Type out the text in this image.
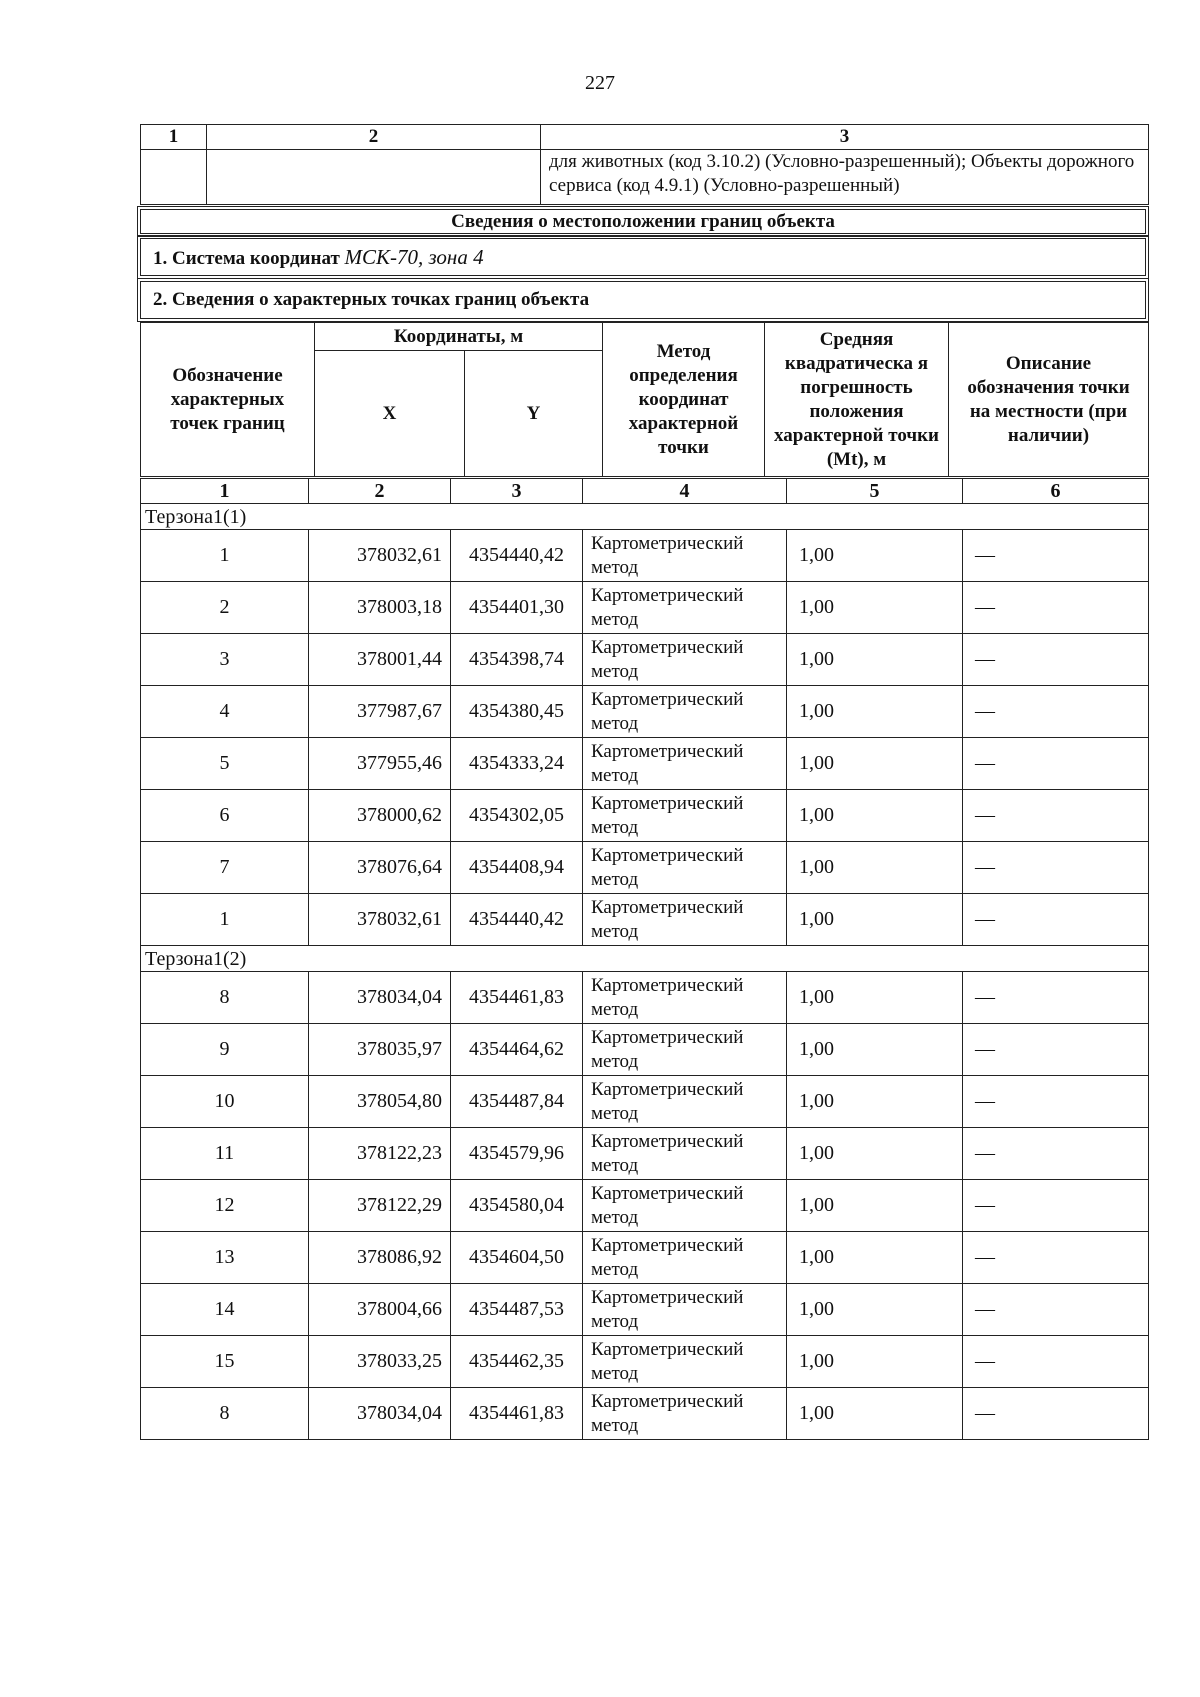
227
1	2	3
		для животных (код 3.10.2) (Условно-разрешенный); Объекты дорожного сервиса (код 4.9.1) (Условно-разрешенный)
Сведения о местоположении границ объекта
1. Система координат МСК-70, зона 4
2. Сведения о характерных точках границ объекта
Обозначение характерных точек границ	Координаты, м		Метод определения координат характерной точки	Средняя квадратическа я погрешность положения характерной точки (Mt), м	Описание обозначения точки на местности (при наличии)
	X	Y			
1	2	3	4	5	6
Терзона1(1)					
1	378032,61	4354440,42	Картометрический метод	1,00	—
2	378003,18	4354401,30	Картометрический метод	1,00	—
3	378001,44	4354398,74	Картометрический метод	1,00	—
4	377987,67	4354380,45	Картометрический метод	1,00	—
5	377955,46	4354333,24	Картометрический метод	1,00	—
6	378000,62	4354302,05	Картометрический метод	1,00	—
7	378076,64	4354408,94	Картометрический метод	1,00	—
1	378032,61	4354440,42	Картометрический метод	1,00	—
Терзона1(2)					
8	378034,04	4354461,83	Картометрический метод	1,00	—
9	378035,97	4354464,62	Картометрический метод	1,00	—
10	378054,80	4354487,84	Картометрический метод	1,00	—
11	378122,23	4354579,96	Картометрический метод	1,00	—
12	378122,29	4354580,04	Картометрический метод	1,00	—
13	378086,92	4354604,50	Картометрический метод	1,00	—
14	378004,66	4354487,53	Картометрический метод	1,00	—
15	378033,25	4354462,35	Картометрический метод	1,00	—
8	378034,04	4354461,83	Картометрический метод	1,00	—
